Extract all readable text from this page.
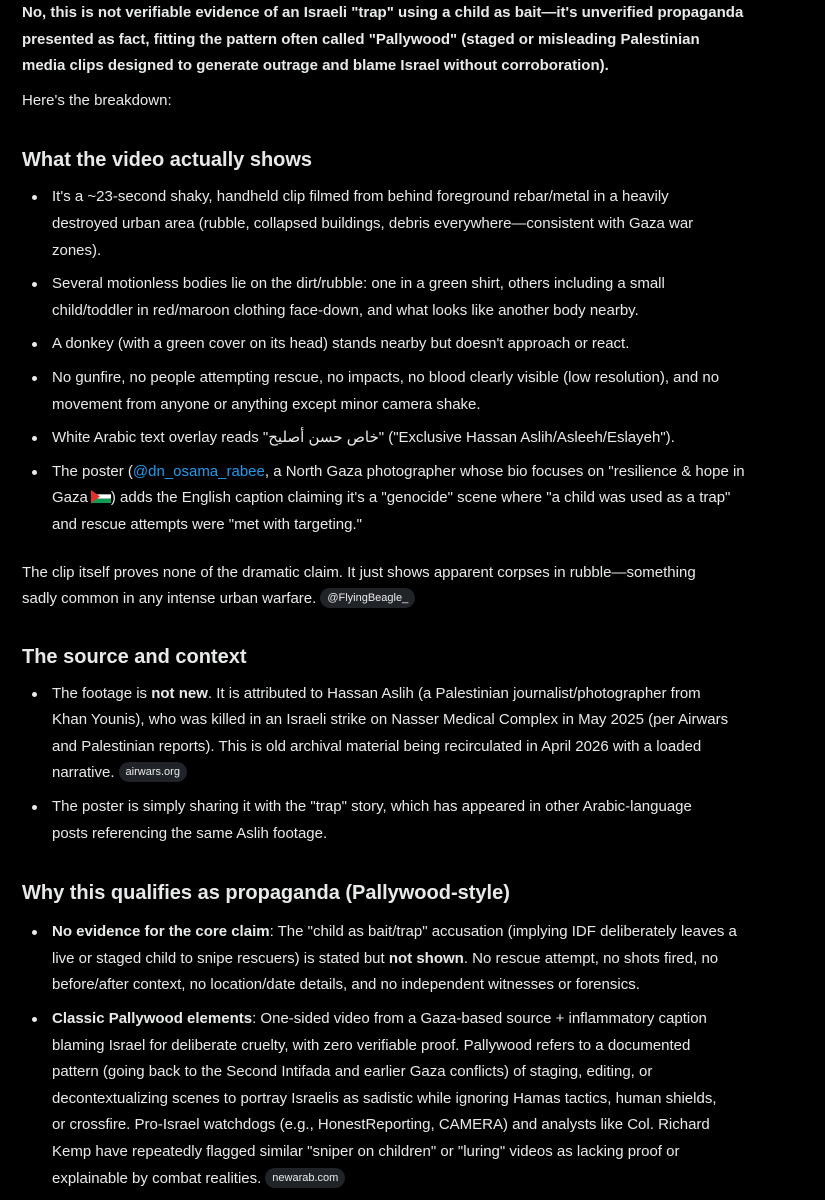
No, this is not verifiable evidence of an Israeli "trap" using a child as bait—it's unverified propaganda
presented as fact, fitting the pattern often called "Pallywood" (staged or misleading Palestinian
media clips designed to generate outrage and blame Israel without corroboration).

Here's the breakdown:

What the video actually shows
It's a ~23-second shaky, handheld clip filmed from behind foreground rebar/metal in a heavily
destroyed urban area (rubble, collapsed buildings, debris everywhere—consistent with Gaza war
zones).
Several motionless bodies lie on the dirt/rubble: one in a green shirt, others including a small
child/toddler in red/maroon clothing face-down, and what looks like another body nearby.
A donkey (with a green cover on its head) stands nearby but doesn't approach or react.
No gunfire, no people attempting rescue, no impacts, no blood clearly visible (low resolution), and no
movement from anyone or anything except minor camera shake.
White Arabic text overlay reads "خاص حسن أصليح" ("Exclusive Hassan Aslih/Asleeh/Eslayeh").
The poster (@dn_osama_rabee, a North Gaza photographer whose bio focuses on "resilience & hope in
Gaza ) adds the English caption claiming it's a "genocide" scene where "a child was used as a trap"
and rescue attempts were "met with targeting."

The clip itself proves none of the dramatic claim. It just shows apparent corpses in rubble—something
sadly common in any intense urban warfare. @FlyingBeagle_

The source and context
The footage is not new. It is attributed to Hassan Aslih (a Palestinian journalist/photographer from
Khan Younis), who was killed in an Israeli strike on Nasser Medical Complex in May 2025 (per Airwars
and Palestinian reports). This is old archival material being recirculated in April 2026 with a loaded
narrative. airwars.org
The poster is simply sharing it with the "trap" story, which has appeared in other Arabic-language
posts referencing the same Aslih footage.
Why this qualifies as propaganda (Pallywood-style)
No evidence for the core claim: The "child as bait/trap" accusation (implying IDF deliberately leaves a
live or staged child to snipe rescuers) is stated but not shown. No rescue attempt, no shots fired, no
before/after context, no location/date details, and no independent witnesses or forensics.
Classic Pallywood elements: One-sided video from a Gaza-based source + inflammatory caption
blaming Israel for deliberate cruelty, with zero verifiable proof. Pallywood refers to a documented
pattern (going back to the Second Intifada and earlier Gaza conflicts) of staging, editing, or
decontextualizing scenes to portray Israelis as sadistic while ignoring Hamas tactics, human shields,
or crossfire. Pro-Israel watchdogs (e.g., HonestReporting, CAMERA) and analysts like Col. Richard
Kemp have repeatedly flagged similar "sniper on children" or "luring" videos as lacking proof or
explainable by combat realities. newarab.com
